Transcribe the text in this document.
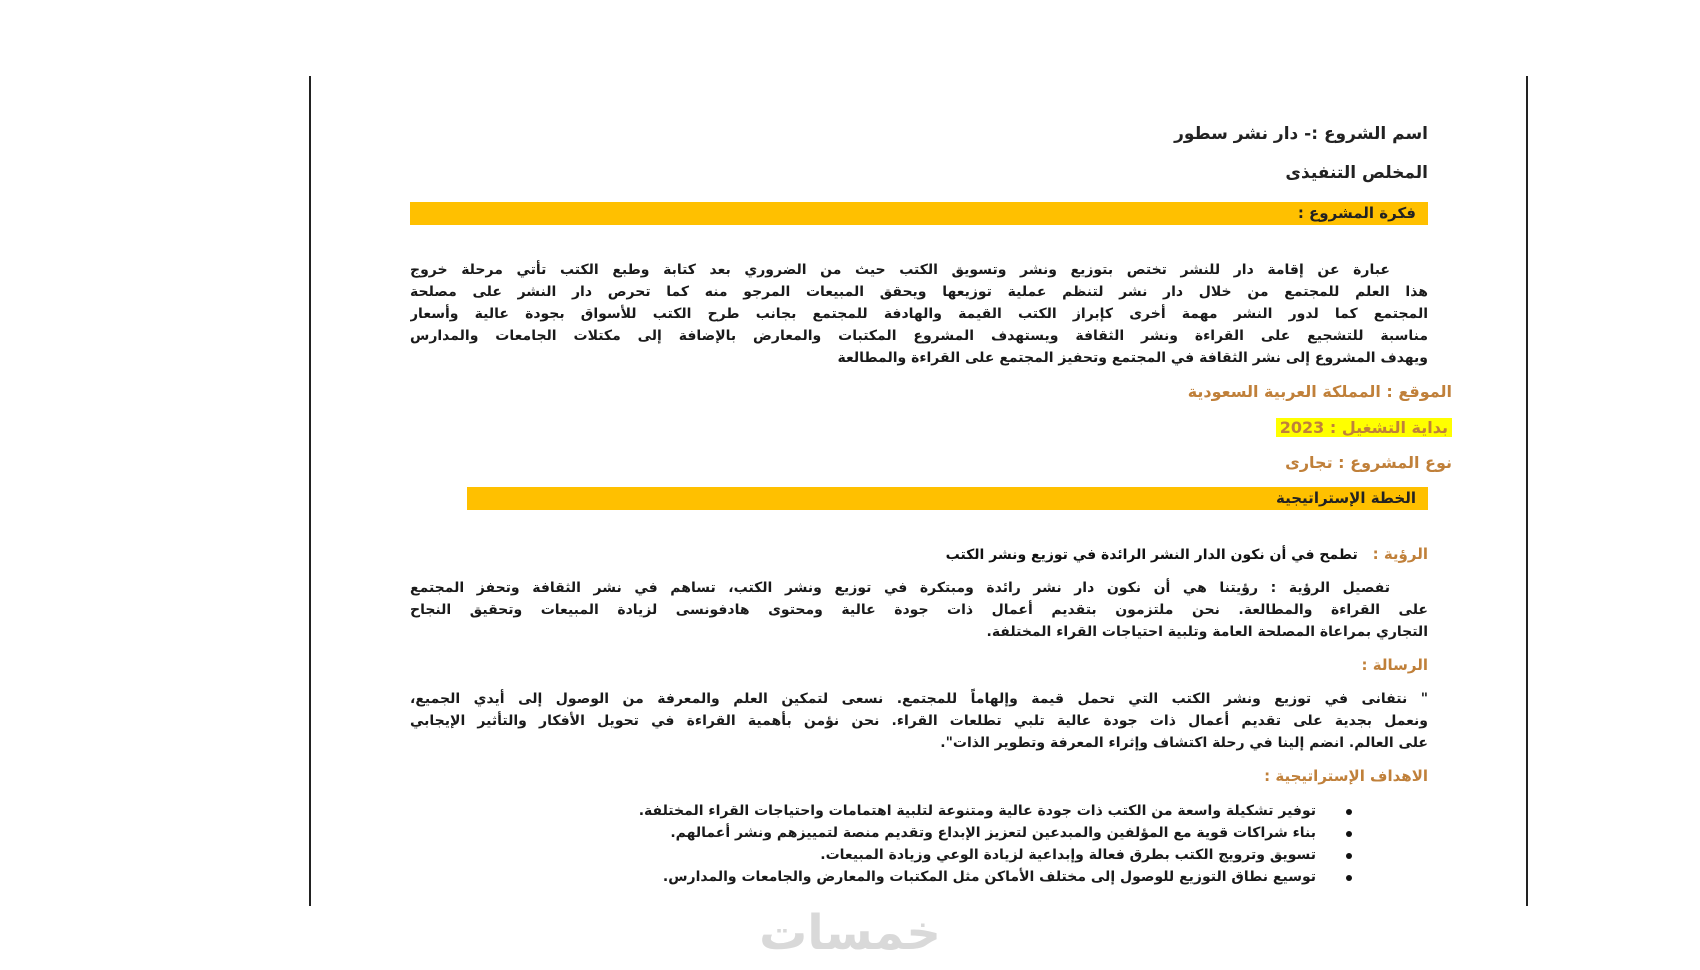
اسم الشروع :- دار نشر سطور
المخلص التنفيذى
فكرة المشروع :
عبارة عن إقامة دار للنشر تختص بتوزيع ونشر وتسويق الكتب حيث من الضروري بعد كتابة وطبع الكتب تأتي مرحلة خروج
هذا العلم للمجتمع من خلال دار نشر لتنظم عملية توزيعها ويحقق المبيعات المرجو منه كما تحرص دار النشر على مصلحة
المجتمع كما لدور النشر مهمة أخرى كإبراز الكتب القيمة والهادفة للمجتمع بجانب طرح الكتب للأسواق بجودة عالية وأسعار
مناسبة للتشجيع على القراءة ونشر الثقافة ويستهدف المشروع المكتبات والمعارض بالإضافة إلى مكتلات الجامعات والمدارس
ويهدف المشروع إلى نشر الثقافة في المجتمع وتحفيز المجتمع على القراءة والمطالعة
الموقع : المملكة العربية السعودية
بداية التشغيل : 2023
نوع المشروع : تجارى
الخطة الإستراتيجية
الرؤية : تطمح في أن نكون الدار النشر الرائدة في توزيع ونشر الكتب
تفصيل الرؤية : رؤيتنا هي أن نكون دار نشر رائدة ومبتكرة في توزيع ونشر الكتب، تساهم في نشر الثقافة وتحفز المجتمع
على القراءة والمطالعة. نحن ملتزمون بتقديم أعمال ذات جودة عالية ومحتوى هادفونسى لزيادة المبيعات وتحقيق النجاح
التجاري بمراعاة المصلحة العامة وتلبية احتياجات القراء المختلفة.
الرسالة :
" نتفانى في توزيع ونشر الكتب التي تحمل قيمة وإلهاماً للمجتمع. نسعى لتمكين العلم والمعرفة من الوصول إلى أيدي الجميع،
ونعمل بجدية على تقديم أعمال ذات جودة عالية تلبي تطلعات القراء. نحن نؤمن بأهمية القراءة في تحويل الأفكار والتأثير الإيجابي
على العالم. انضم إلينا في رحلة اكتشاف وإثراء المعرفة وتطوير الذات".
الاهداف الإستراتيجية :
توفير تشكيلة واسعة من الكتب ذات جودة عالية ومتنوعة لتلبية اهتمامات واحتياجات القراء المختلفة.
بناء شراكات قوية مع المؤلفين والمبدعين لتعزيز الإبداع وتقديم منصة لتمييزهم ونشر أعمالهم.
تسويق وترويج الكتب بطرق فعالة وإبداعية لزيادة الوعي وزيادة المبيعات.
توسيع نطاق التوزيع للوصول إلى مختلف الأماكن مثل المكتبات والمعارض والجامعات والمدارس.
خمسات
